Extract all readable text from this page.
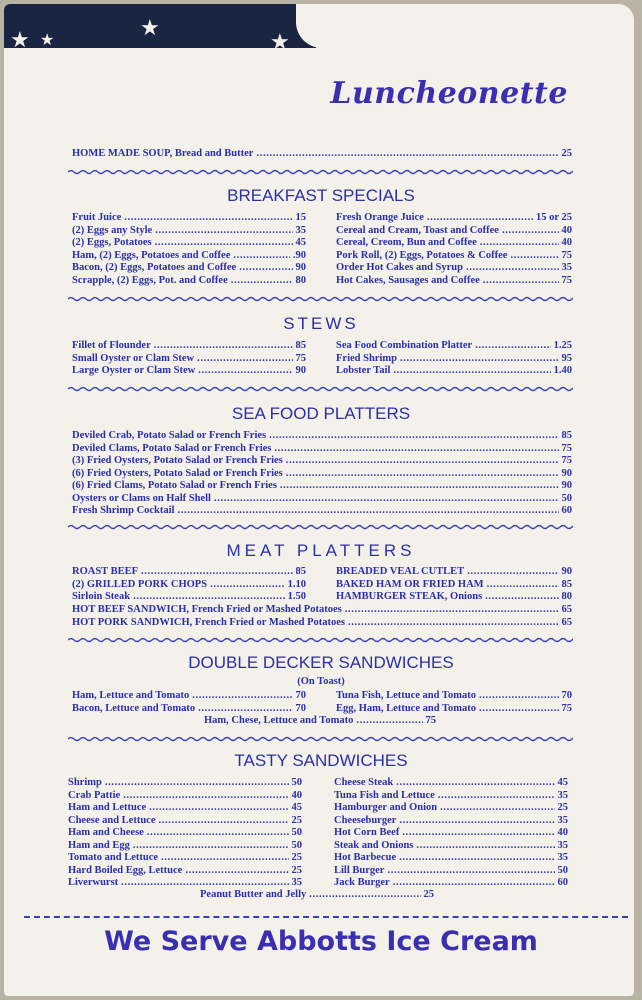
★ ★	★
★
Luncheonette
HOME MADE SOUP, Bread and Butter . . .	25
BREAKFAST SPECIALS
Fruit Juice . . .	15
(2) Eggs any Style . . .	35
(2) Eggs, Potatoes . . .	45
Ham, (2) Eggs, Potatoes and Coffee . . .	.90
Bacon, (2) Eggs, Potatoes and Coffee . . .	90
Scrapple, (2) Eggs, Pot. and Coffee . . .	80
Fresh Orange Juice . . .	15 or 25
Cereal and Cream, Toast and Coffee . . .	40
Cereal, Creom, Bun and Coffee . . .	40
Pork Roll, (2) Eggs, Potatoes & Coffee . . .	75
Order Hot Cakes and Syrup . . .	35
Hot Cakes, Sausages and Coffee . . .	75
STEWS
Fillet of Flounder . . .	85
Small Oyster or Clam Stew . . .	75
Large Oyster or Clam Stew . . .	90
Sea Food Combination Platter . . .	1.25
Fried Shrimp . . .	95
Lobster Tail . . .	1.40
SEA FOOD PLATTERS
Deviled Crab, Potato Salad or French Fries . . .	85
Deviled Clams, Potato Salad or French Fries . . .	75
(3) Fried Oysters, Potato Salad or French Fries . . .	75
(6) Fried Oysters, Potato Salad or French Fries . . .	90
(6) Fried Clams, Potato Salad or French Fries . . .	90
Oysters or Clams on Half Shell . . .	50
Fresh Shrimp Cocktail . . .	60
MEAT PLATTERS
ROAST BEEF . . .	85
(2) GRILLED PORK CHOPS . . .	1.10
Sirloin Steak . . .	1.50
BREADED VEAL CUTLET . . .	90
BAKED HAM OR FRIED HAM . . .	85
HAMBURGER STEAK, Onions . . .	80
HOT BEEF SANDWICH, French Fried or Mashed Potatoes . . .	65
HOT PORK SANDWICH, French Fried or Mashed Potatoes . . .	65
DOUBLE DECKER SANDWICHES
(On Toast)
Ham, Lettuce and Tomato . . .	70
Bacon, Lettuce and Tomato . . .	70
Tuna Fish, Lettuce and Tomato . . .	70
Egg, Ham, Lettuce and Tomato . . .	75
Ham, Chese, Lettuce and Tomato . . .	75
TASTY SANDWICHES
Shrimp . . .	50
Crab Pattie . . .	40
Ham and Lettuce . . .	45
Cheese and Lettuce . . .	25
Ham and Cheese . . .	50
Ham and Egg . . .	50
Tomato and Lettuce . . .	25
Hard Boiled Egg, Lettuce . . .	25
Liverwurst . . .	35
Cheese Steak . . .	45
Tuna Fish and Lettuce . . .	35
Hamburger and Onion . . .	25
Cheeseburger . . .	35
Hot Corn Beef . . .	40
Steak and Onions . . .	35
Hot Barbecue . . .	35
Lill Burger . . .	50
Jack Burger . . .	60
Peanut Butter and Jelly . . .	25
We Serve Abbotts Ice Cream
